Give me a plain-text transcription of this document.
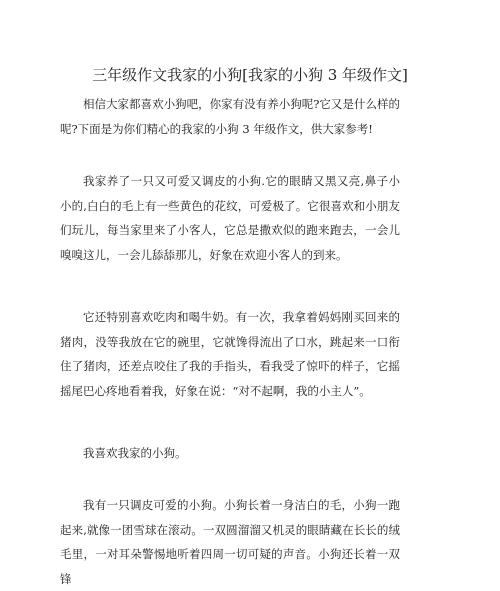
三年级作文我家的小狗[我家的小狗 3 年级作文]

相信大家都喜欢小狗吧，你家有没有养小狗呢?它又是什么样的呢?下面是为你们精心的我家的小狗 3 年级作文，供大家参考!

我家养了一只又可爱又调皮的小狗.它的眼睛又黑又亮,鼻子小小的,白白的毛上有一些黄色的花纹，可爱极了。它很喜欢和小朋友们玩儿，每当家里来了小客人，它总是撒欢似的跑来跑去，一会儿嗅嗅这儿，一会儿舔舔那儿，好象在欢迎小客人的到来。

它还特别喜欢吃肉和喝牛奶。有一次，我拿着妈妈刚买回来的猪肉，没等我放在它的碗里，它就馋得流出了口水，跳起来一口衔住了猪肉，还差点咬住了我的手指头，看我受了惊吓的样子，它摇摇尾巴心疼地看着我，好象在说：“对不起啊，我的小主人”。

我喜欢我家的小狗。

我有一只调皮可爱的小狗。小狗长着一身洁白的毛，小狗一跑起来,就像一团雪球在滚动。一双圆溜溜又机灵的眼睛藏在长长的绒毛里，一对耳朵警惕地听着四周一切可疑的声音。小狗还长着一双锋
